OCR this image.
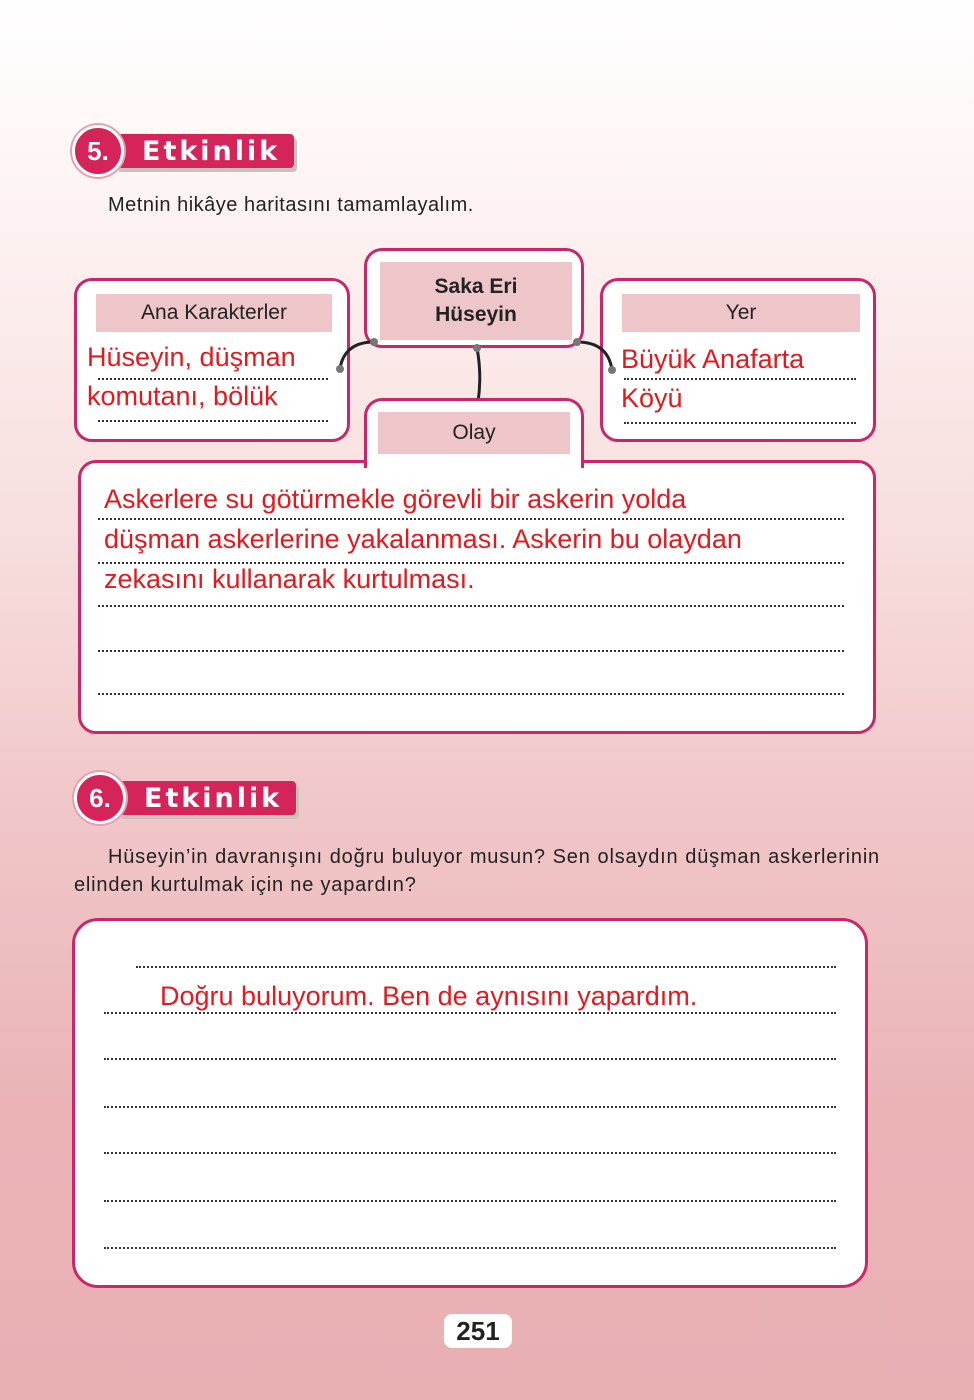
5.	Etkinlik
Metnin hikâye haritasını tamamlayalım.
Ana Karakterler
Hüseyin, düşman
komutanı, bölük
Saka Eri Hüseyin	Yer
Büyük Anafarta
Köyü
Olay
Askerlere su götürmekle görevli bir askerin yolda
düşman askerlerine yakalanması. Askerin bu olaydan
zekasını kullanarak kurtulması.
6.	Etkinlik
Hüseyin’in davranışını doğru buluyor musun? Sen olsaydın düşman askerlerinin elinden kurtulmak için ne yapardın?
Doğru buluyorum. Ben de aynısını yapardım.
251
